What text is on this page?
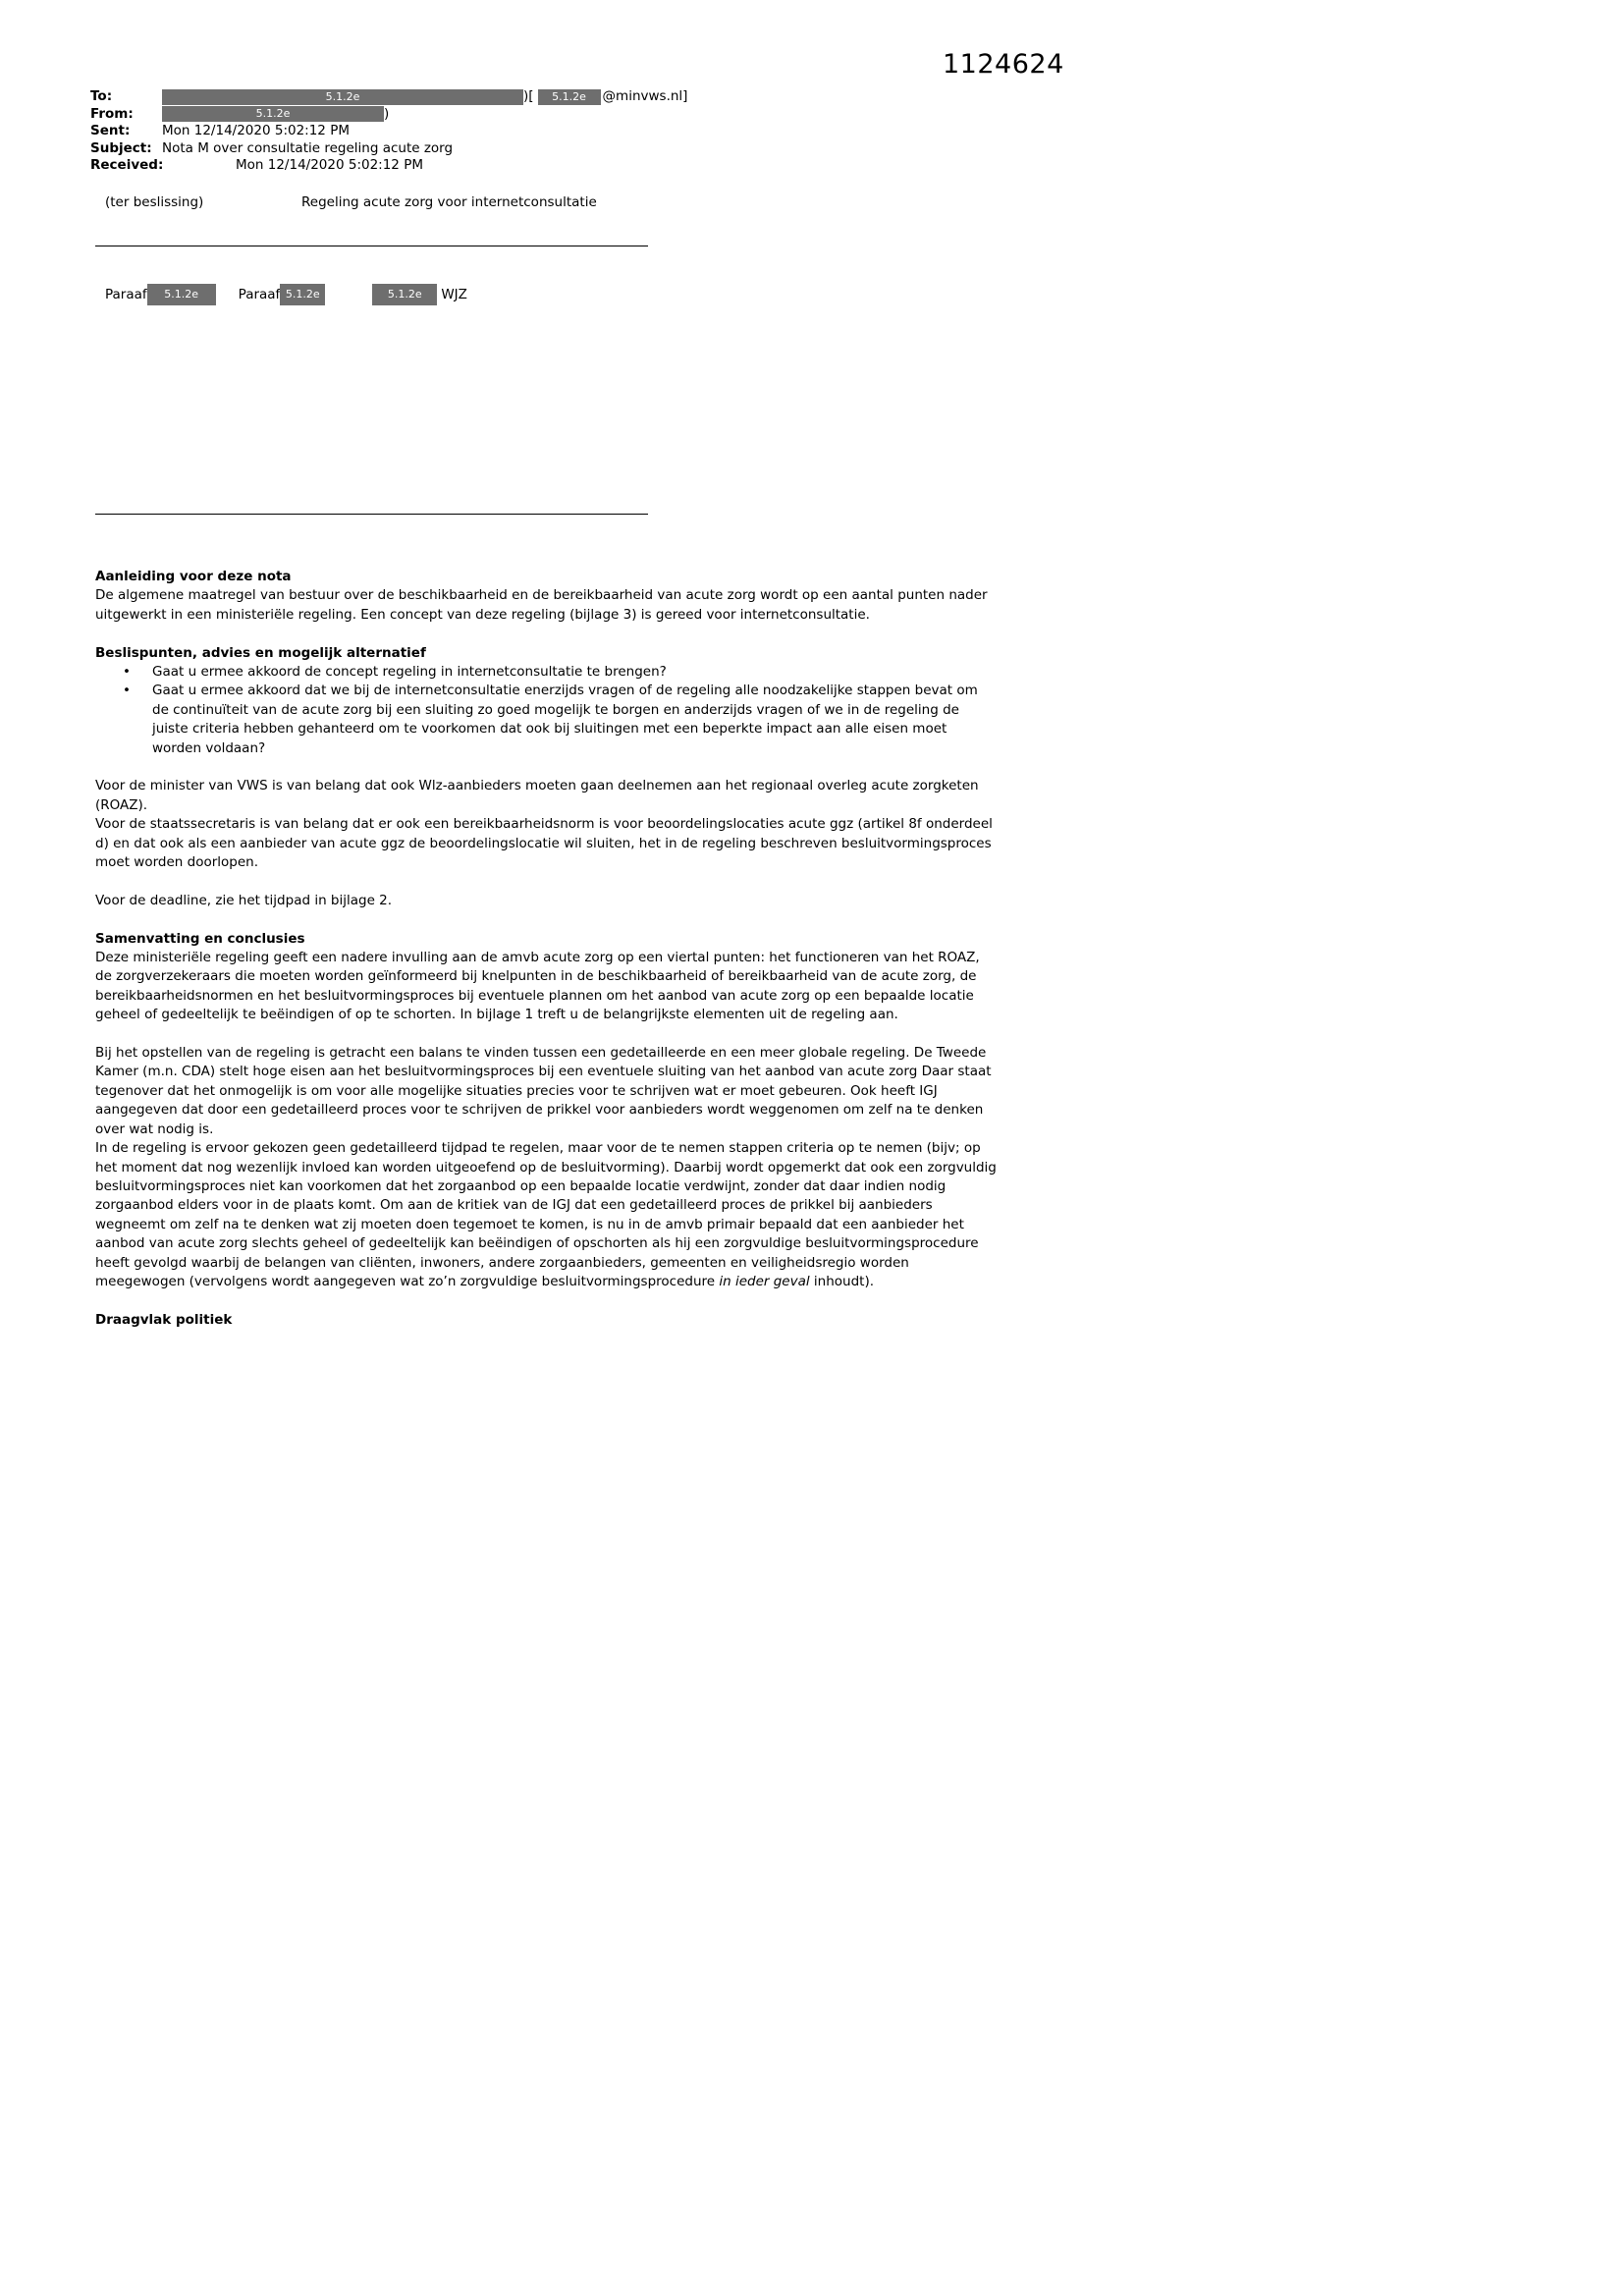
1124624
To:	5.1.2e	)[	5.1.2e	@minvws.nl]
From:	5.1.2e	)
Sent:	Mon 12/14/2020 5:02:12 PM
Subject: Nota M over consultatie regeling acute zorg
Received:	Mon 12/14/2020 5:02:12 PM
(ter beslissing)	Regeling acute zorg voor internetconsultatie
Paraaf	5.1.2e	Paraaf 5.1.2e	5.1.2e	WJZ
Aanleiding voor deze nota
De algemene maatregel van bestuur over de beschikbaarheid en de bereikbaarheid van acute zorg wordt op een aantal punten nader uitgewerkt in een ministeriële regeling. Een concept van deze regeling (bijlage 3) is gereed voor internetconsultatie.
Beslispunten, advies en mogelijk alternatief
•	Gaat u ermee akkoord de concept regeling in internetconsultatie te brengen?
•	Gaat u ermee akkoord dat we bij de internetconsultatie enerzijds vragen of de regeling alle noodzakelijke stappen bevat om de continuïteit van de acute zorg bij een sluiting zo goed mogelijk te borgen en anderzijds vragen of we in de regeling de juiste criteria hebben gehanteerd om te voorkomen dat ook bij sluitingen met een beperkte impact aan alle eisen moet worden voldaan?
Voor de minister van VWS is van belang dat ook Wlz-aanbieders moeten gaan deelnemen aan het regionaal overleg acute zorgketen (ROAZ).
Voor de staatssecretaris is van belang dat er ook een bereikbaarheidsnorm is voor beoordelingslocaties acute ggz (artikel 8f onderdeel d) en dat ook als een aanbieder van acute ggz de beoordelingslocatie wil sluiten, het in de regeling beschreven besluitvormingsproces moet worden doorlopen.
Voor de deadline, zie het tijdpad in bijlage 2.
Samenvatting en conclusies
Deze ministeriële regeling geeft een nadere invulling aan de amvb acute zorg op een viertal punten: het functioneren van het ROAZ, de zorgverzekeraars die moeten worden geïnformeerd bij knelpunten in de beschikbaarheid of bereikbaarheid van de acute zorg, de bereikbaarheidsnormen en het besluitvormingsproces bij eventuele plannen om het aanbod van acute zorg op een bepaalde locatie geheel of gedeeltelijk te beëindigen of op te schorten. In bijlage 1 treft u de belangrijkste elementen uit de regeling aan.
Bij het opstellen van de regeling is getracht een balans te vinden tussen een gedetailleerde en een meer globale regeling. De Tweede Kamer (m.n. CDA) stelt hoge eisen aan het besluitvormingsproces bij een eventuele sluiting van het aanbod van acute zorg Daar staat tegenover dat het onmogelijk is om voor alle mogelijke situaties precies voor te schrijven wat er moet gebeuren. Ook heeft IGJ aangegeven dat door een gedetailleerd proces voor te schrijven de prikkel voor aanbieders wordt weggenomen om zelf na te denken over wat nodig is.
In de regeling is ervoor gekozen geen gedetailleerd tijdpad te regelen, maar voor de te nemen stappen criteria op te nemen (bijv; op het moment dat nog wezenlijk invloed kan worden uitgeoefend op de besluitvorming). Daarbij wordt opgemerkt dat ook een zorgvuldig besluitvormingsproces niet kan voorkomen dat het zorgaanbod op een bepaalde locatie verdwijnt, zonder dat daar indien nodig zorgaanbod elders voor in de plaats komt. Om aan de kritiek van de IGJ dat een gedetailleerd proces de prikkel bij aanbieders wegneemt om zelf na te denken wat zij moeten doen tegemoet te komen, is nu in de amvb primair bepaald dat een aanbieder het aanbod van acute zorg slechts geheel of gedeeltelijk kan beëindigen of opschorten als hij een zorgvuldige besluitvormingsprocedure heeft gevolgd waarbij de belangen van cliënten, inwoners, andere zorgaanbieders, gemeenten en veiligheidsregio worden meegewogen (vervolgens wordt aangegeven wat zo’n zorgvuldige besluitvormingsprocedure in ieder geval inhoudt).
Draagvlak politiek
